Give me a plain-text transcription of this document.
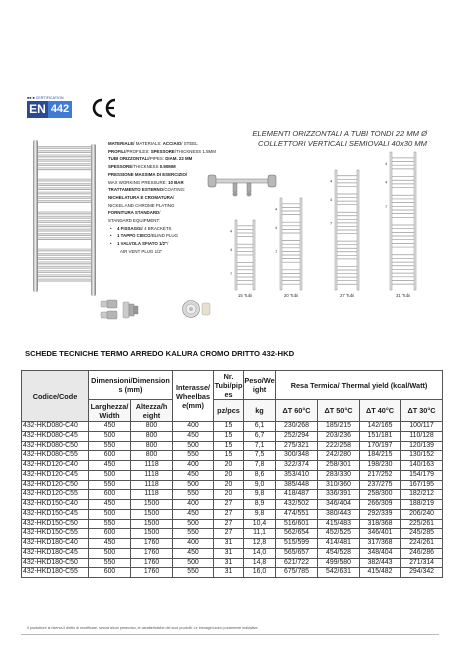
■■ ■ CERTIFICATION
EN 442
ELEMENTI ORIZZONTALI A TUBI TONDI 22 MM Ø
COLLETTORI VERTICALI SEMIOVALI 40x30 MM
MATERIALE/ MATERIALS: ACCIAIO/ STEEL
PROFILI/PROFILES: SPESSORE/THICKNESS 1.5MM
TUBI ORIZZONTALI/PIPES: DIAM. 22 MM
SPESSORE/THICKNESS 0.90MM
PRESSIONE MASSIMA DI ESERCIZIO/
MAX WORKING PRESSURE: 10 BAR
TRATTAMENTO ESTERNO/COATING:
NICHELATURA E CROMATURA/
NICKEL AND CHROME PLATING
FORNITURA STANDARD/
STANDARD EQUIPMENT:
• 4 FISSAGGI/ 4 BRACKETS
• 1 TAPPO CIECO/BLIND PLUG
• 1 VALVOLA SFIATO 1/2"/
AIR VENT PLUG 1/2"
4
4
7
15 Tubi
4
4
7
20 Tubi
4
4
7
27 Tubi
4
4
7
31 Tubi
SCHEDE TECNICHE TERMO ARREDO KALURA CROMO DRITTO 432-HKD
Codice/Code	Dimensioni/Dimension s (mm)		Interasse/ Wheelbas e(mm)	Nr. Tubi/pip es	Peso/We ight	Resa Termica/ Thermal yield (kcal/Watt)			
	Larghezza/ Width	Altezza/h eight		pz/pcs	kg	ΔT 60°C	ΔT 50°C	ΔT 40°C	ΔT 30°C
432-HKD080-C40	450	800	400	15	6,1	230/268	185/215	142/165	100/117
432-HKD080-C45	500	800	450	15	6,7	252/294	203/236	151/181	110/128
432-HKD080-C50	550	800	500	15	7,1	275/321	222/258	170/197	120/139
432-HKD080-C55	600	800	550	15	7,5	300/348	242/280	184/215	130/152
432-HKD120-C40	450	1118	400	20	7,8	322/374	258/301	198/230	140/163
432-HKD120-C45	500	1118	450	20	8,6	353/410	283/330	217/252	154/179
432-HKD120-C50	550	1118	500	20	9,0	385/448	310/360	237/275	167/195
432-HKD120-C55	600	1118	550	20	9,8	418/487	336/391	258/300	182/212
432-HKD150-C40	450	1500	400	27	8,9	432/502	346/404	266/309	188/219
432-HKD150-C45	500	1500	450	27	9,8	474/551	380/443	292/339	206/240
432-HKD150-C50	550	1500	500	27	10,4	516/601	415/483	318/368	225/261
432-HKD150-C55	600	1500	550	27	11,1	562/654	452/525	346/401	245/285
432-HKD180-C40	450	1760	400	31	12,8	515/599	414/481	317/368	224/261
432-HKD180-C45	500	1760	450	31	14,0	565/657	454/528	348/404	246/286
432-HKD180-C50	550	1760	500	31	14,8	621/722	499/580	382/443	271/314
432-HKD180-C55	600	1760	550	31	16,0	675/785	542/631	415/482	294/342
Il produttore si riserva il diritto di modificare, senza alcun preavviso, le caratteristiche dei suoi prodotti. Le immagini sono puramente indicative.
